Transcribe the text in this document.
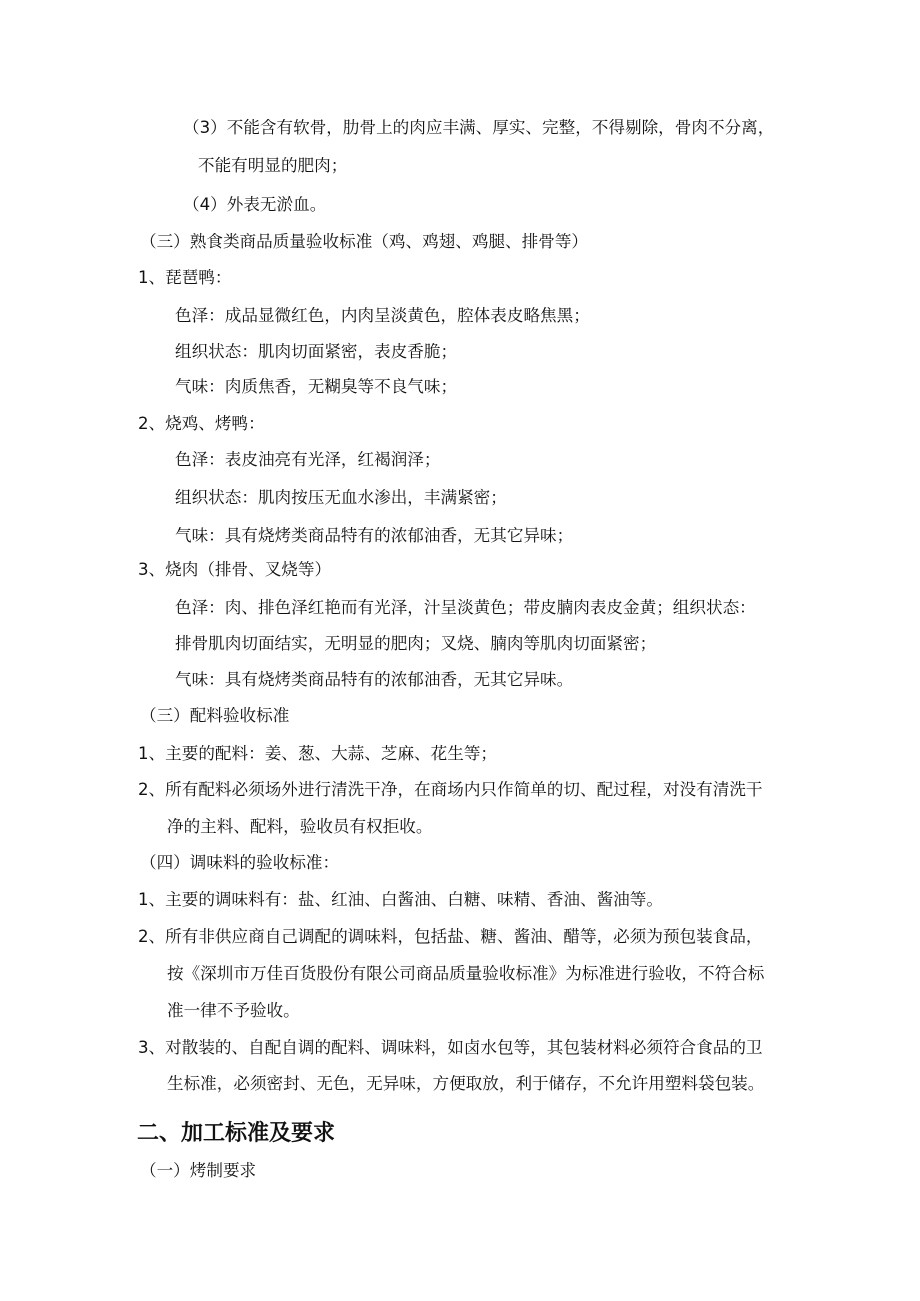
（3）不能含有软骨，肋骨上的肉应丰满、厚实、完整，不得剔除，骨肉不分离，
不能有明显的肥肉；
（4）外表无淤血。
（三）熟食类商品质量验收标准（鸡、鸡翅、鸡腿、排骨等）
1、琵琶鸭：
色泽：成品显微红色，内肉呈淡黄色，腔体表皮略焦黑；
组织状态：肌肉切面紧密，表皮香脆；
气味：肉质焦香，无糊臭等不良气味；
2、烧鸡、烤鸭：
色泽：表皮油亮有光泽，红褐润泽；
组织状态：肌肉按压无血水渗出，丰满紧密；
气味：具有烧烤类商品特有的浓郁油香，无其它异味；
3、烧肉（排骨、叉烧等）
色泽：肉、排色泽红艳而有光泽，汁呈淡黄色；带皮腩肉表皮金黄；组织状态：
排骨肌肉切面结实，无明显的肥肉；叉烧、腩肉等肌肉切面紧密；
气味：具有烧烤类商品特有的浓郁油香，无其它异味。
（三）配料验收标准
1、主要的配料：姜、葱、大蒜、芝麻、花生等；
2、所有配料必须场外进行清洗干净，在商场内只作简单的切、配过程，对没有清洗干
净的主料、配料，验收员有权拒收。
（四）调味料的验收标准：
1、主要的调味料有：盐、红油、白酱油、白糖、味精、香油、酱油等。
2、所有非供应商自己调配的调味料，包括盐、糖、酱油、醋等，必须为预包装食品，
按《深圳市万佳百货股份有限公司商品质量验收标准》为标准进行验收，不符合标
准一律不予验收。
3、对散装的、自配自调的配料、调味料，如卤水包等，其包装材料必须符合食品的卫
生标准，必须密封、无色，无异味，方便取放，利于储存，不允许用塑料袋包装。
二、加工标准及要求
（一）烤制要求
